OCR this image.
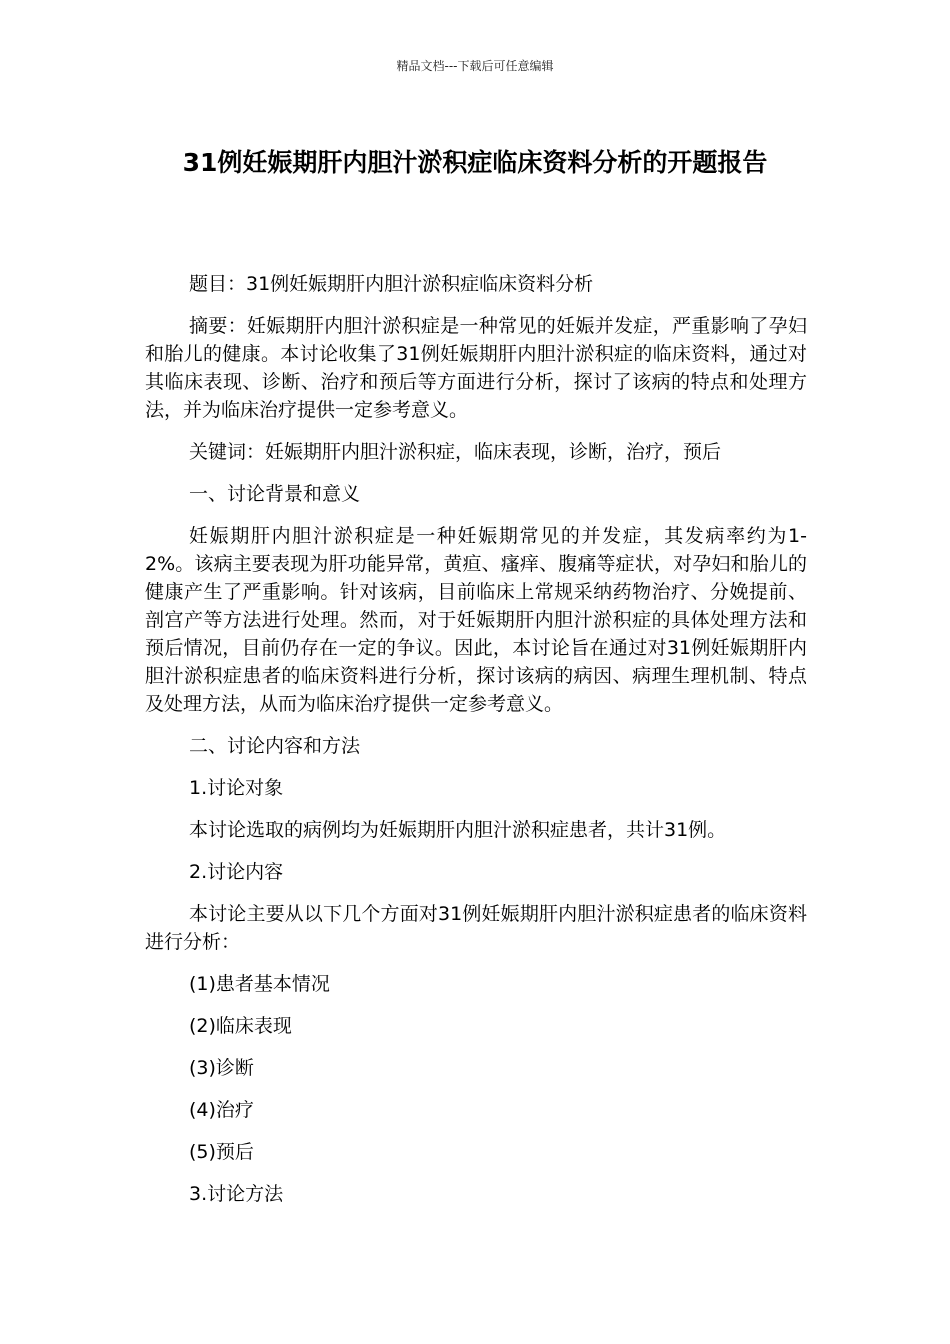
精品文档---下载后可任意编辑
31例妊娠期肝内胆汁淤积症临床资料分析的开题报告

题目：31例妊娠期肝内胆汁淤积症临床资料分析

摘要：妊娠期肝内胆汁淤积症是一种常见的妊娠并发症，严重影响了孕妇和胎儿的健康。本讨论收集了31例妊娠期肝内胆汁淤积症的临床资料，通过对其临床表现、诊断、治疗和预后等方面进行分析，探讨了该病的特点和处理方法，并为临床治疗提供一定参考意义。

关键词：妊娠期肝内胆汁淤积症，临床表现，诊断，治疗，预后

一、讨论背景和意义

妊娠期肝内胆汁淤积症是一种妊娠期常见的并发症，其发病率约为1-2%。该病主要表现为肝功能异常，黄疸、瘙痒、腹痛等症状，对孕妇和胎儿的健康产生了严重影响。针对该病，目前临床上常规采纳药物治疗、分娩提前、剖宫产等方法进行处理。然而，对于妊娠期肝内胆汁淤积症的具体处理方法和预后情况，目前仍存在一定的争议。因此，本讨论旨在通过对31例妊娠期肝内胆汁淤积症患者的临床资料进行分析，探讨该病的病因、病理生理机制、特点及处理方法，从而为临床治疗提供一定参考意义。

二、讨论内容和方法

1.讨论对象

本讨论选取的病例均为妊娠期肝内胆汁淤积症患者，共计31例。

2.讨论内容

本讨论主要从以下几个方面对31例妊娠期肝内胆汁淤积症患者的临床资料进行分析：

(1)患者基本情况

(2)临床表现

(3)诊断

(4)治疗

(5)预后

3.讨论方法
